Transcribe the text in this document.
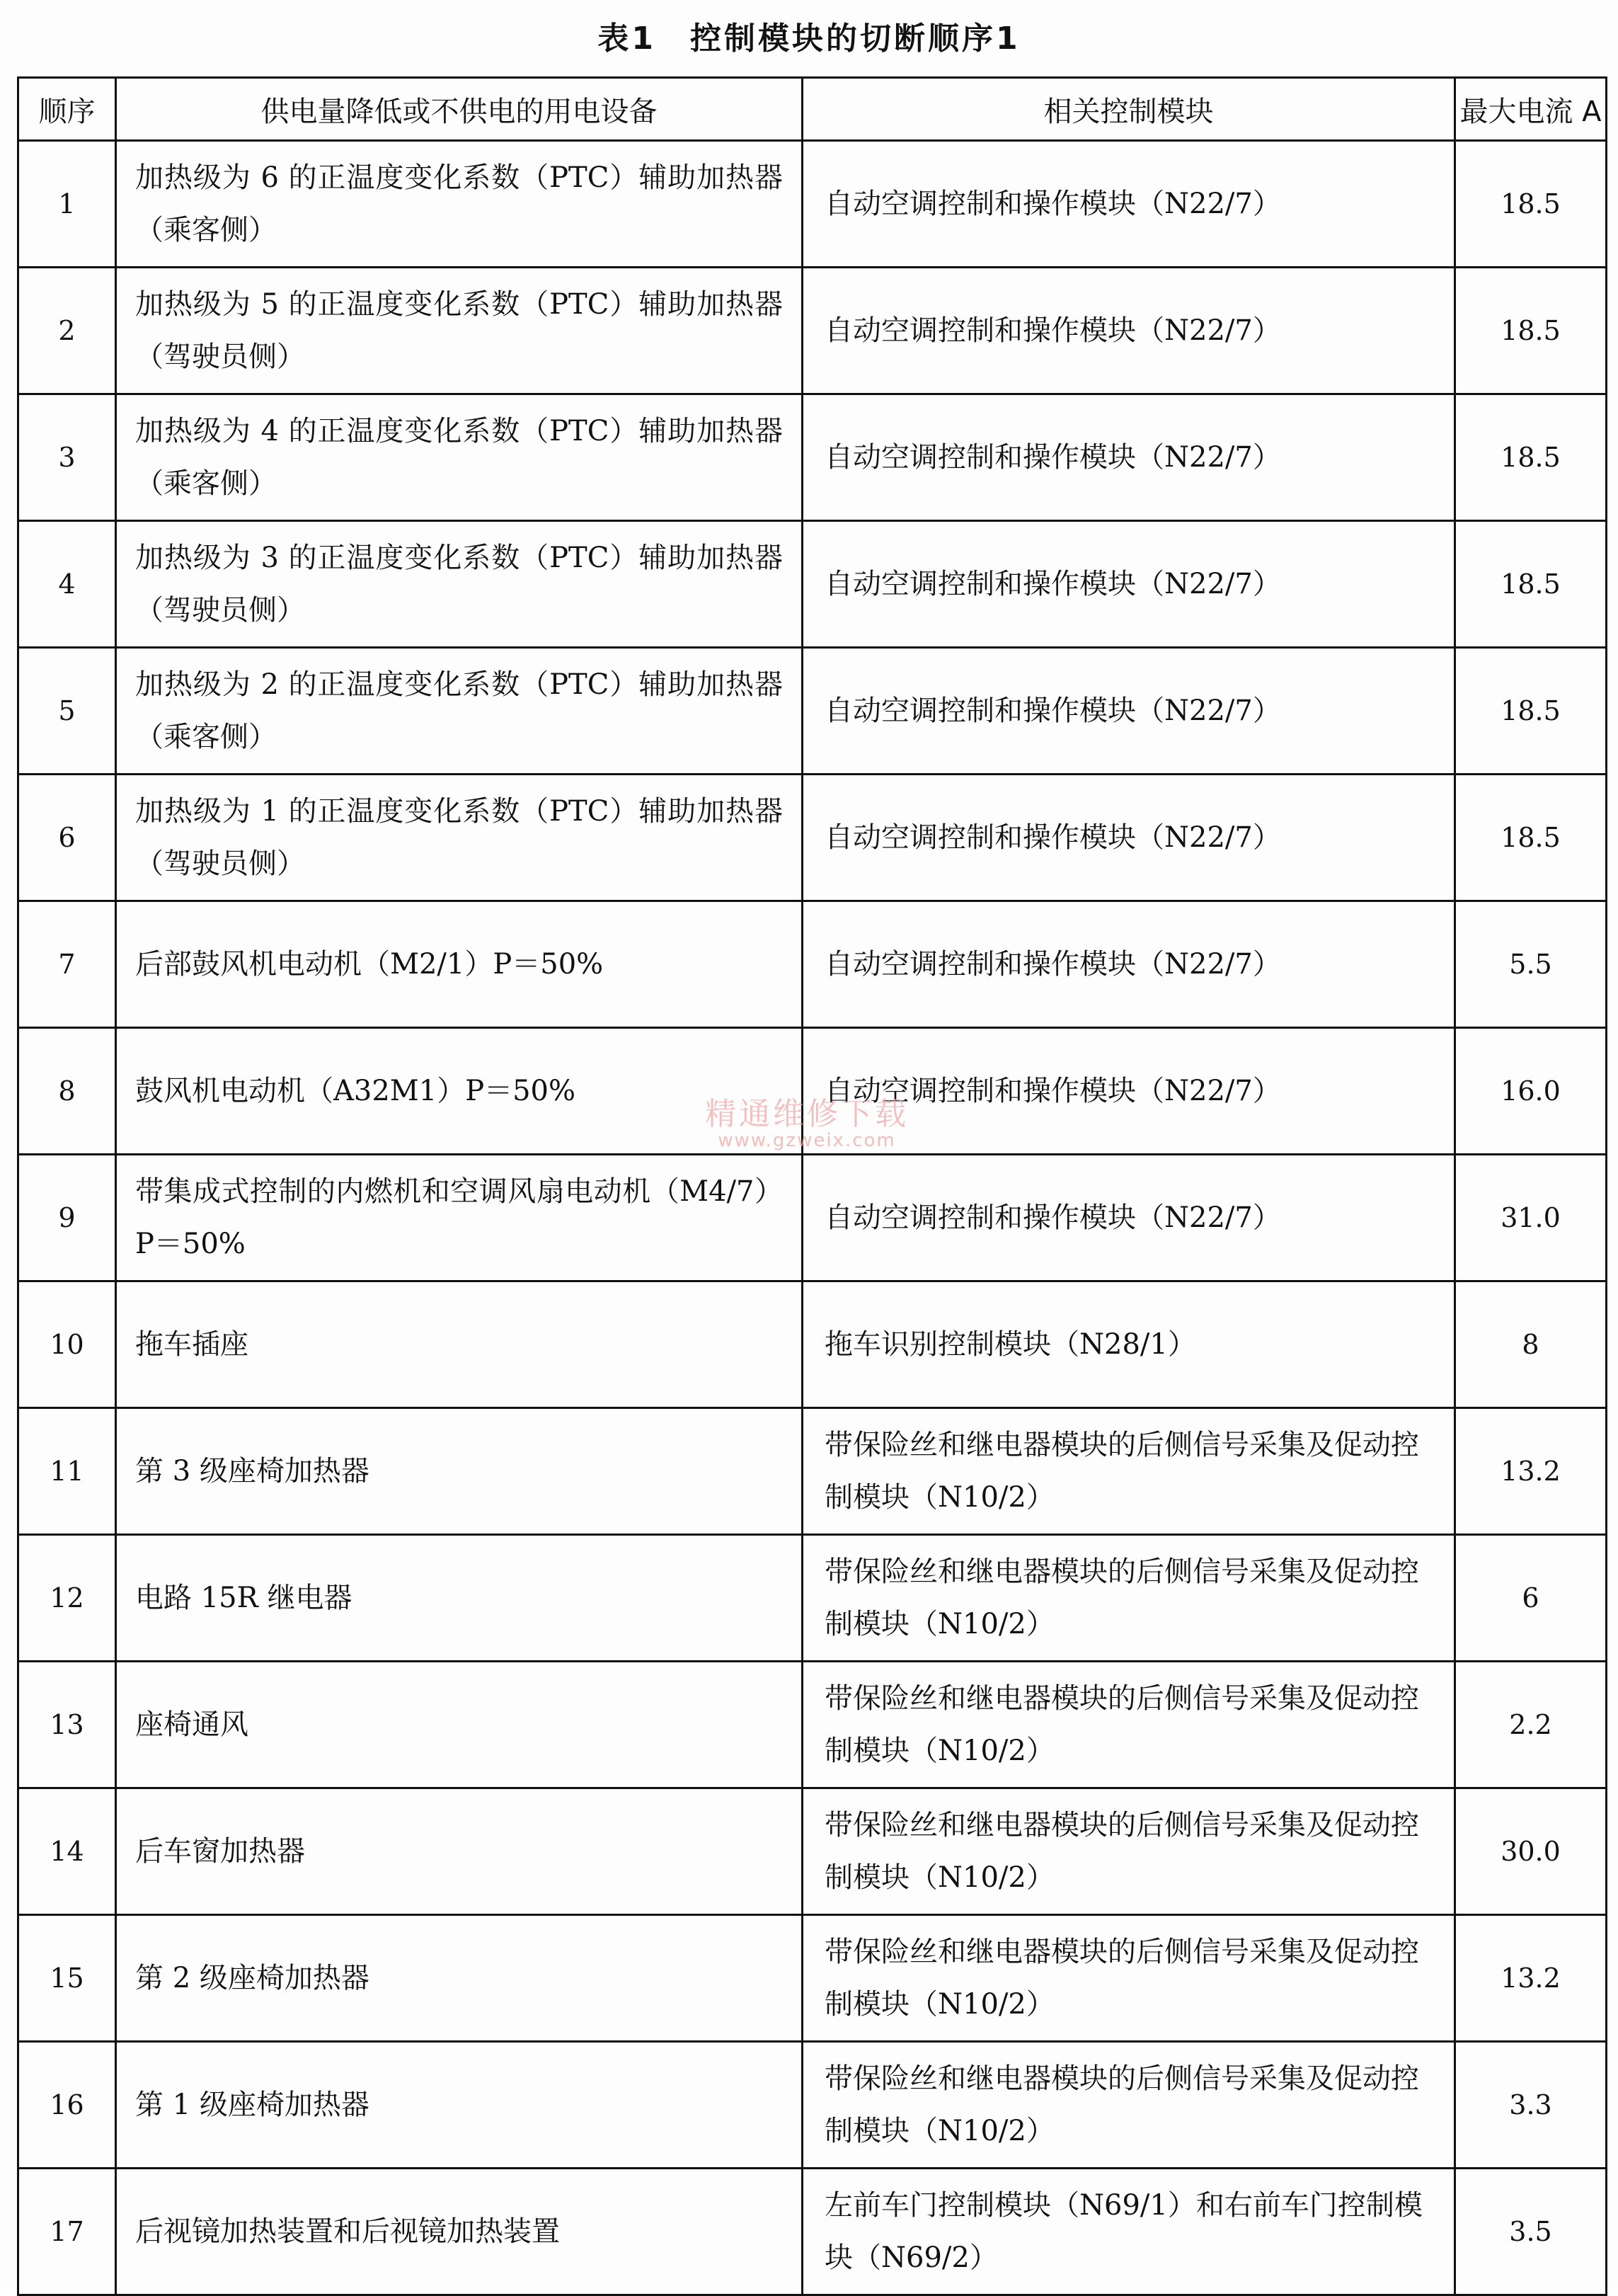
表1　控制模块的切断顺序1
顺序	供电量降低或不供电的用电设备	相关控制模块	最大电流 A
1	加热级为 6 的正温度变化系数（PTC）辅助加热器（乘客侧）	自动空调控制和操作模块（N22/7）	18.5
2	加热级为 5 的正温度变化系数（PTC）辅助加热器（驾驶员侧）	自动空调控制和操作模块（N22/7）	18.5
3	加热级为 4 的正温度变化系数（PTC）辅助加热器（乘客侧）	自动空调控制和操作模块（N22/7）	18.5
4	加热级为 3 的正温度变化系数（PTC）辅助加热器（驾驶员侧）	自动空调控制和操作模块（N22/7）	18.5
5	加热级为 2 的正温度变化系数（PTC）辅助加热器（乘客侧）	自动空调控制和操作模块（N22/7）	18.5
6	加热级为 1 的正温度变化系数（PTC）辅助加热器（驾驶员侧）	自动空调控制和操作模块（N22/7）	18.5
7	后部鼓风机电动机（M2/1）P＝50%	自动空调控制和操作模块（N22/7）	5.5
8	鼓风机电动机（A32M1）P＝50%	自动空调控制和操作模块（N22/7）	16.0
9	带集成式控制的内燃机和空调风扇电动机（M4/7）P＝50%	自动空调控制和操作模块（N22/7）	31.0
10	拖车插座	拖车识别控制模块（N28/1）	8
11	第 3 级座椅加热器	带保险丝和继电器模块的后侧信号采集及促动控制模块（N10/2）	13.2
12	电路 15R 继电器	带保险丝和继电器模块的后侧信号采集及促动控制模块（N10/2）	6
13	座椅通风	带保险丝和继电器模块的后侧信号采集及促动控制模块（N10/2）	2.2
14	后车窗加热器	带保险丝和继电器模块的后侧信号采集及促动控制模块（N10/2）	30.0
15	第 2 级座椅加热器	带保险丝和继电器模块的后侧信号采集及促动控制模块（N10/2）	13.2
16	第 1 级座椅加热器	带保险丝和继电器模块的后侧信号采集及促动控制模块（N10/2）	3.3
17	后视镜加热装置和后视镜加热装置	左前车门控制模块（N69/1）和右前车门控制模块（N69/2）	3.5
精通维修下载
www.gzweix.com
